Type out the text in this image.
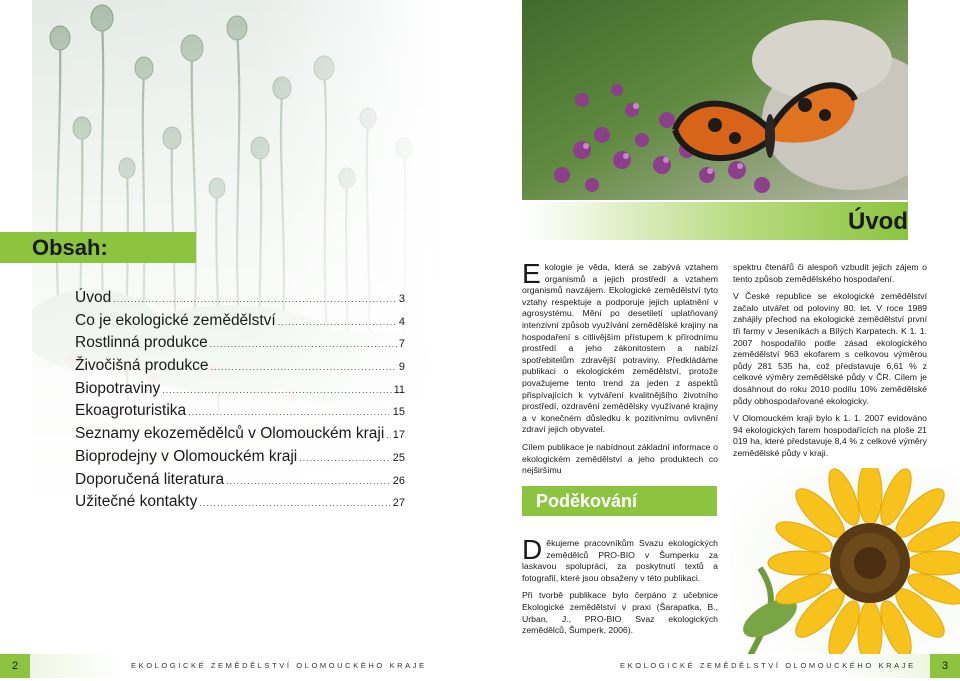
Obsah:
Úvod .....	3
Co je ekologické zemědělství .....	4
Rostlinná produkce .....	7
Živočišná produkce .....	9
Biopotraviny .....	11
Ekoagroturistika .....	15
Seznamy ekozemědělců v Olomouckém kraji ..... 17
Bioprodejny v Olomouckém kraji .....	25
Doporučená literatura .....	26
Užitečné kontakty .....	27
Úvod

Ekologie je věda, která se zabývá vztahem organismů a jejich prostředí a vztahem organismů navzájem. Ekologické zemědělství tyto vztahy respektuje a podporuje jejich uplatnění v agrosystému. Mění po desetiletí uplatňovaný intenzivní způsob využívání zemědělské krajiny na hospodaření s citlivějším přístupem k přírodnímu prostředí a jeho zákonitostem a nabízí spotřebitelům zdravější potraviny. Předkládáme publikaci o ekologickém zemědělství, protože považujeme tento trend za jeden z aspektů přispívajících k vytváření kvalitnějšího životního prostředí, ozdravění zemědělsky využívané krajiny a v konečném důsledku k pozitivnímu ovlivnění zdraví jejich obyvatel.

Cílem publikace je nabídnout základní informace o ekologickém zemědělství a jeho produktech co nejširšímu

spektru čtenářů či alespoň vzbudit jejich zájem o tento způsob zemědělského hospodaření.

V České republice se ekologické zemědělství začalo utvářet od poloviny 80. let. V roce 1989 zahájily přechod na ekologické zemědělství první tři farmy v Jeseníkách a Bílých Karpatech. K 1. 1. 2007 hospodařilo podle zásad ekologického zemědělství 963 ekofarem s celkovou výměrou půdy 281 535 ha, což představuje 6,61 % z celkové výměry zemědělské půdy v ČR. Cílem je dosáhnout do roku 2010 podílu 10% zemědělské půdy obhospodařované ekologicky.

V Olomouckém kraji bylo k 1. 1. 2007 evidováno 94 ekologických farem hospodařících na ploše 21 019 ha, které představuje 8,4 % z celkové výměry zemědělské půdy v kraji.

Poděkování

Děkujeme pracovníkům Svazu ekologických zemědělců PRO-BIO v Šumperku za laskavou spolupráci, za poskytnutí textů a fotografií, které jsou obsaženy v této publikaci.

Při tvorbě publikace bylo čerpáno z učebnice Ekologické zemědělství v praxi (Šarapatka, B., Urban, J., PRO-BIO Svaz ekologických zemědělců, Šumperk, 2006).

2	EKOLOGICKÉ ZEMĚDĚLSTVÍ OLOMOUCKÉHO KRAJE	EKOLOGICKÉ ZEMĚDĚLSTVÍ OLOMOUCKÉHO KRAJE	3
